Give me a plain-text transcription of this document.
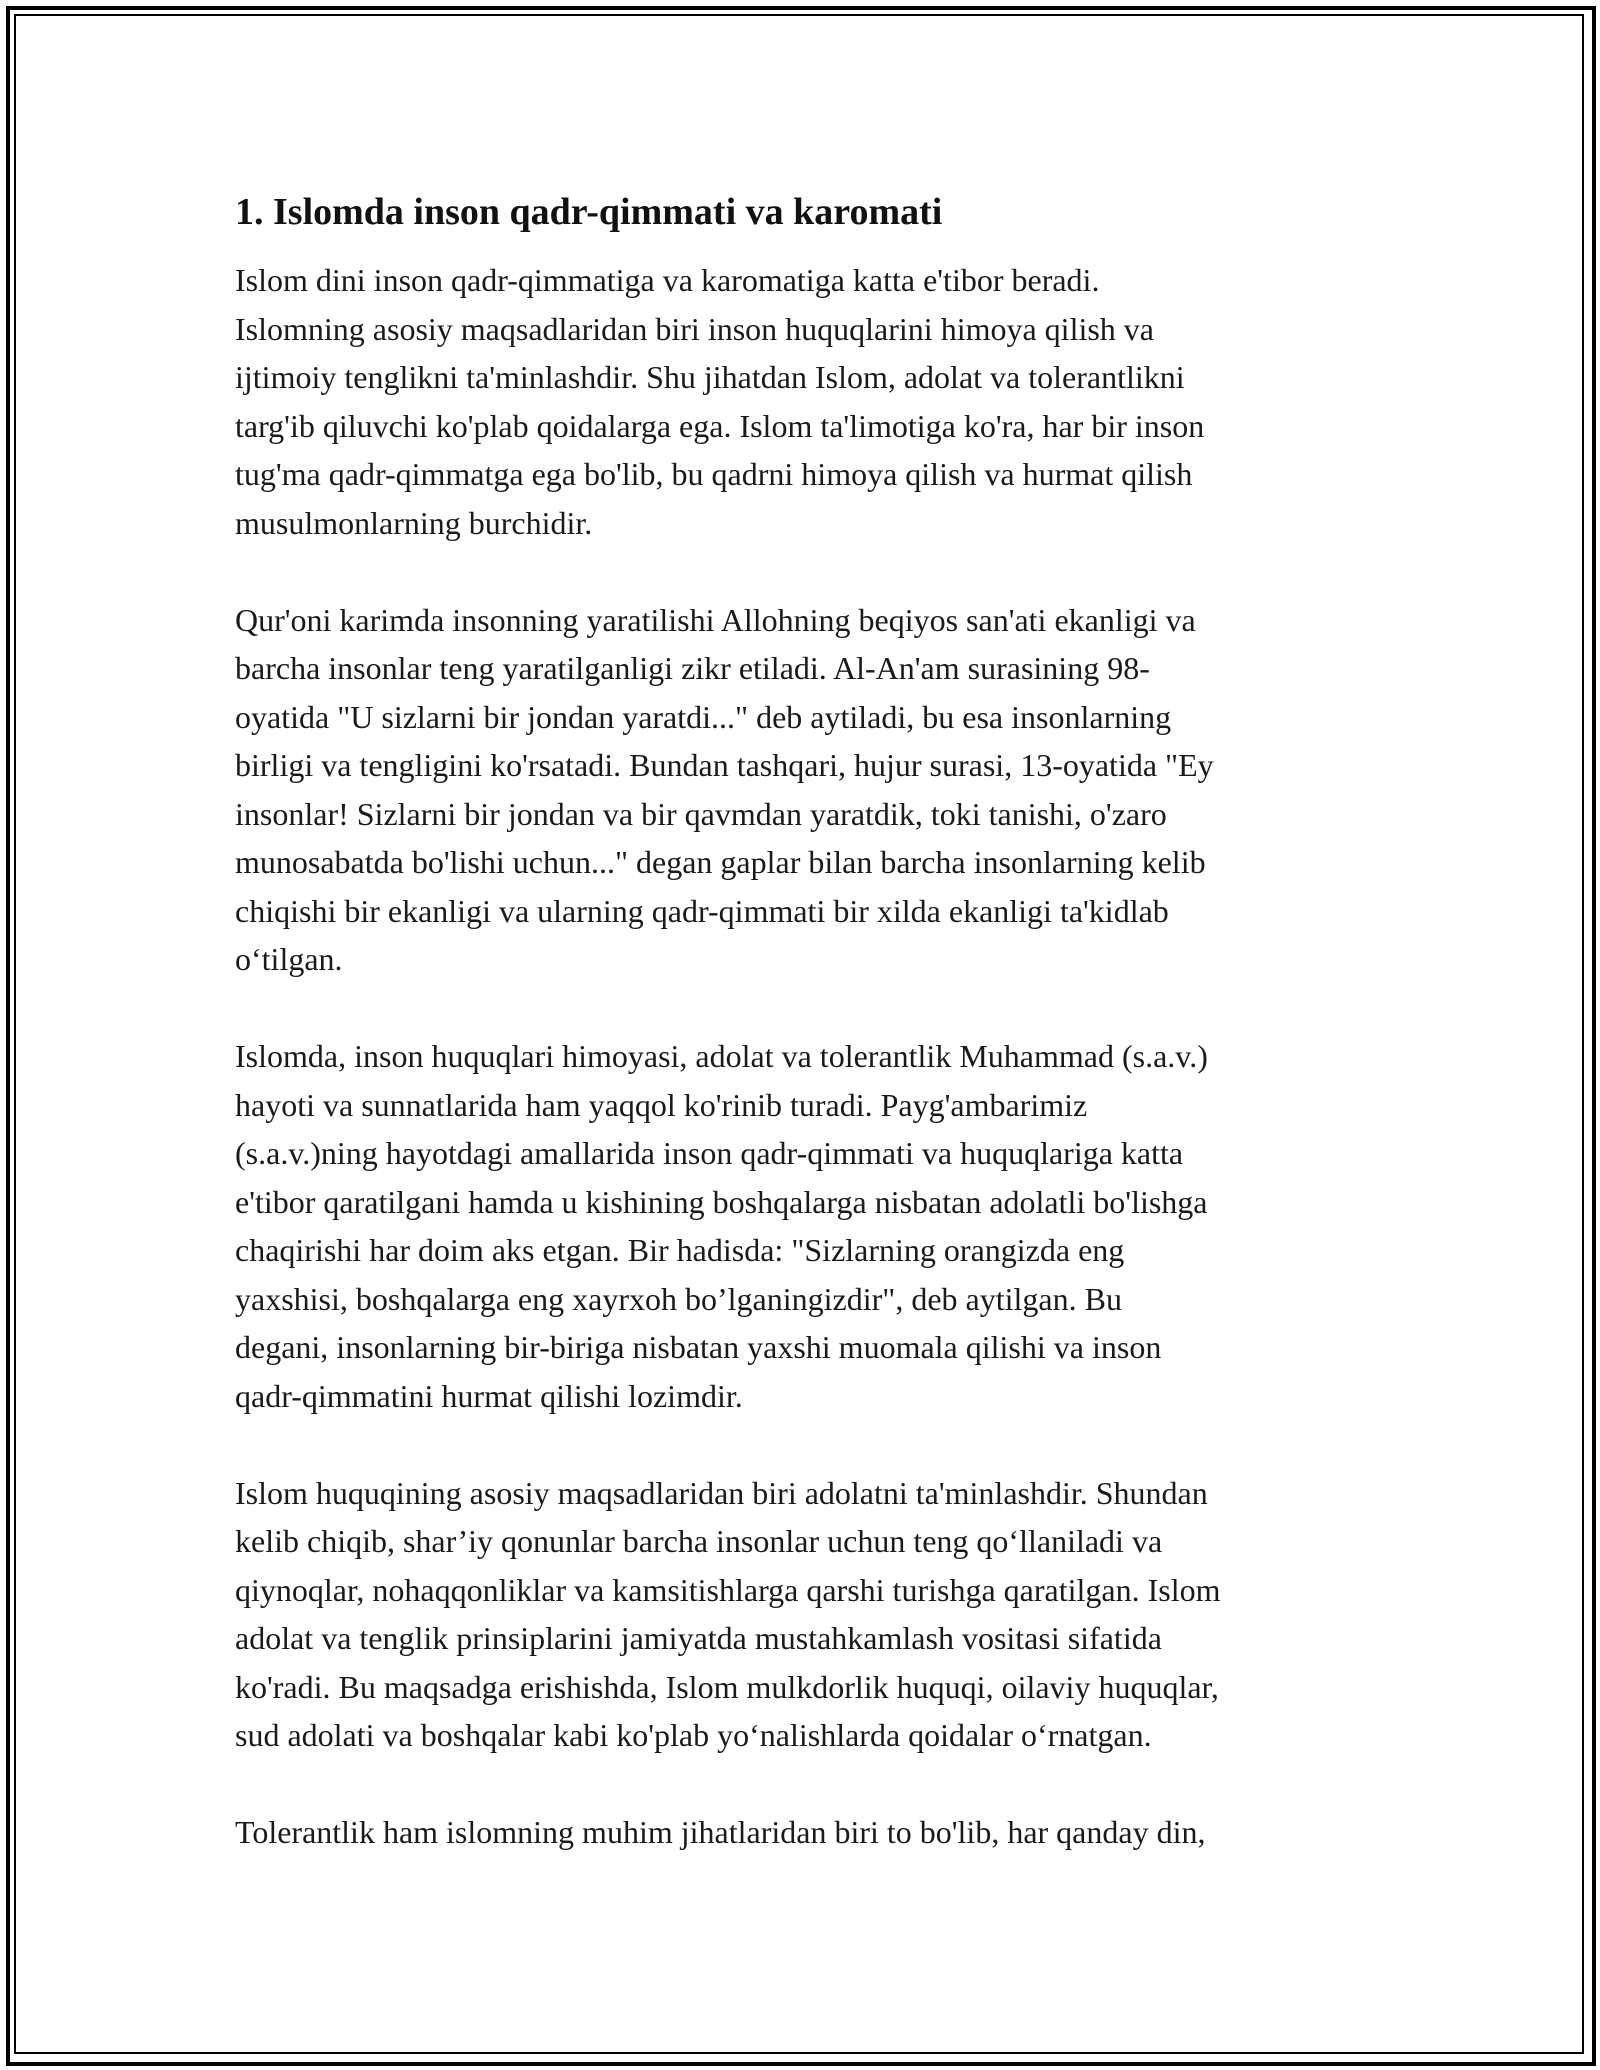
1. Islomda inson qadr-qimmati va karomati

Islom dini inson qadr-qimmatiga va karomatiga katta e'tibor beradi.
Islomning asosiy maqsadlaridan biri inson huquqlarini himoya qilish va
ijtimoiy tenglikni ta'minlashdir. Shu jihatdan Islom, adolat va tolerantlikni
targ'ib qiluvchi ko'plab qoidalarga ega. Islom ta'limotiga ko'ra, har bir inson
tug'ma qadr-qimmatga ega bo'lib, bu qadrni himoya qilish va hurmat qilish
musulmonlarning burchidir.

Qur'oni karimda insonning yaratilishi Allohning beqiyos san'ati ekanligi va
barcha insonlar teng yaratilganligi zikr etiladi. Al-An'am surasining 98-
oyatida "U sizlarni bir jondan yaratdi..." deb aytiladi, bu esa insonlarning
birligi va tengligini ko'rsatadi. Bundan tashqari, hujur surasi, 13-oyatida "Ey
insonlar! Sizlarni bir jondan va bir qavmdan yaratdik, toki tanishi, o'zaro
munosabatda bo'lishi uchun..." degan gaplar bilan barcha insonlarning kelib
chiqishi bir ekanligi va ularning qadr-qimmati bir xilda ekanligi ta'kidlab
o‘tilgan.

Islomda, inson huquqlari himoyasi, adolat va tolerantlik Muhammad (s.a.v.)
hayoti va sunnatlarida ham yaqqol ko'rinib turadi. Payg'ambarimiz
(s.a.v.)ning hayotdagi amallarida inson qadr-qimmati va huquqlariga katta
e'tibor qaratilgani hamda u kishining boshqalarga nisbatan adolatli bo'lishga
chaqirishi har doim aks etgan. Bir hadisda: "Sizlarning orangizda eng
yaxshisi, boshqalarga eng xayrxoh bo’lganingizdir", deb aytilgan. Bu
degani, insonlarning bir-biriga nisbatan yaxshi muomala qilishi va inson
qadr-qimmatini hurmat qilishi lozimdir.

Islom huquqining asosiy maqsadlaridan biri adolatni ta'minlashdir. Shundan
kelib chiqib, shar’iy qonunlar barcha insonlar uchun teng qo‘llaniladi va
qiynoqlar, nohaqqonliklar va kamsitishlarga qarshi turishga qaratilgan. Islom
adolat va tenglik prinsiplarini jamiyatda mustahkamlash vositasi sifatida
ko'radi. Bu maqsadga erishishda, Islom mulkdorlik huquqi, oilaviy huquqlar,
sud adolati va boshqalar kabi ko'plab yo‘nalishlarda qoidalar o‘rnatgan.

Tolerantlik ham islomning muhim jihatlaridan biri to bo'lib, har qanday din,
